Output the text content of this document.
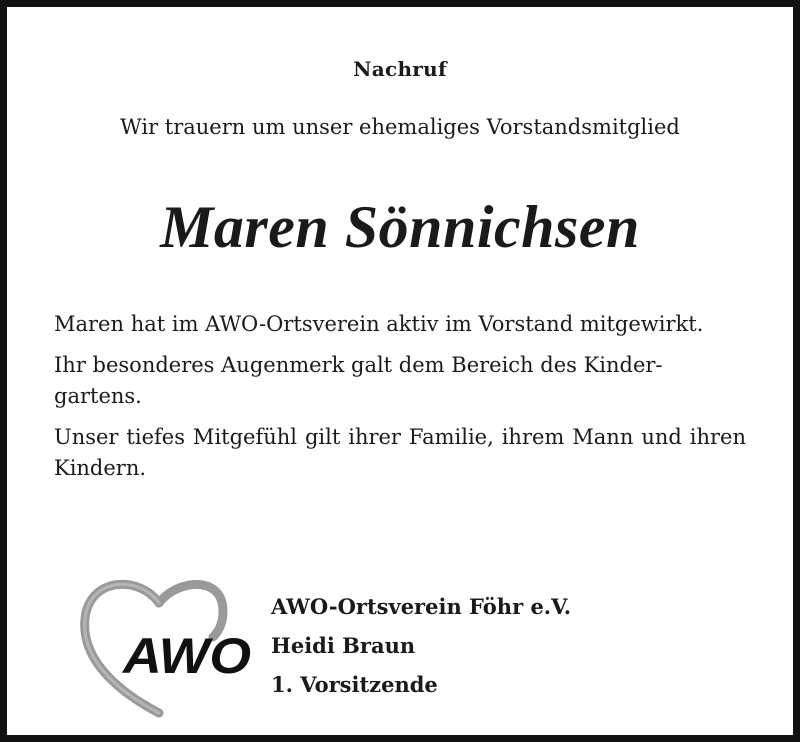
Nachruf
Wir trauern um unser ehemaliges Vorstandsmitglied
Maren Sönnichsen

Maren hat im AWO-Ortsverein aktiv im Vorstand mitgewirkt.

Ihr besonderes Augenmerk galt dem Bereich des Kinder-
gartens.

Unser tiefes Mitgefühl gilt ihrer Familie, ihrem Mann und ihren Kindern.

AWO
AWO-Ortsverein Föhr e.V.
Heidi Braun
1. Vorsitzende
